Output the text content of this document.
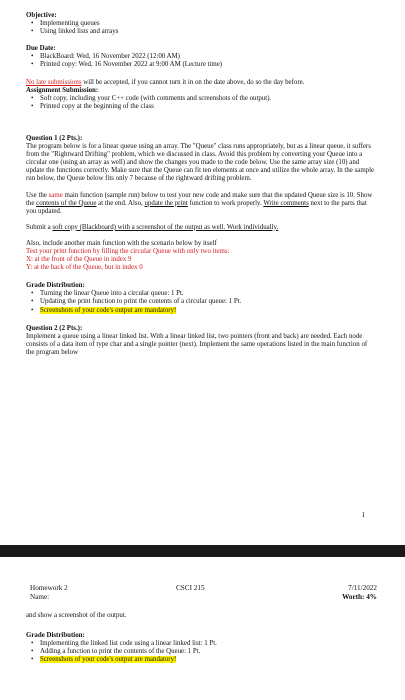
Objective:

• Implementing queues
• Using linked lists and arrays

Due Date:

• BlackBoard: Wed, 16 November 2022 (12:00 AM)
• Printed copy: Wed, 16 November 2022 at 9:00 AM (Lecture time)

No late submissions will be accepted, if you cannot turn it in on the date above, do so the day before.

Assignment Submission:

• Soft copy, including your C++ code (with comments and screenshots of the output).
• Printed copy at the beginning of the class

Question 1 (2 Pts.):

The program below is for a linear queue using an array. The "Queue" class runs appropriately, but as a linear queue, it suffers from the "Rightward Drifting" problem, which we discussed in class. Avoid this problem by converting your Queue into a circular one (using an array as well) and show the changes you made to the code below. Use the same array size (10) and update the functions correctly. Make sure that the Queue can fit ten elements at once and utilize the whole array. In the sample run below, the Queue below fits only 7 because of the rightward drifting problem.

Use the same main function (sample run) below to test your new code and make sure that the updated Queue size is 10. Show the contents of the Queue at the end. Also, update the print function to work properly. Write comments next to the parts that you updated.

Submit a soft copy (Blackboard) with a screenshot of the output as well. Work individually.

Also, include another main function with the scenario below by itself

Test your print function by filling the circular Queue with only two items:

X: at the front of the Queue in index 9

Y: at the back of the Queue, but in index 0

Grade Distribution:

• Turning the linear Queue into a circular queue: 1 Pt.
• Updating the print function to print the contents of a circular queue: 1 Pt.
• Screenshots of your code's output are mandatory!

Question 2 (2 Pts.):

Implement a queue using a linear linked list. With a linear linked list, two pointers (front and back) are needed. Each node consists of a data item of type char and a single pointer (next). Implement the same operations listed in the main function of the program below

1
Homework 2
Name:
CSCI 215	7/11/2022
Worth: 4%

and show a screenshot of the output.

Grade Distribution:

• Implementing the linked list code using a linear linked list: 1 Pt.
• Adding a function to print the contents of the Queue: 1 Pt.
• Screenshots of your code's output are mandatory!
